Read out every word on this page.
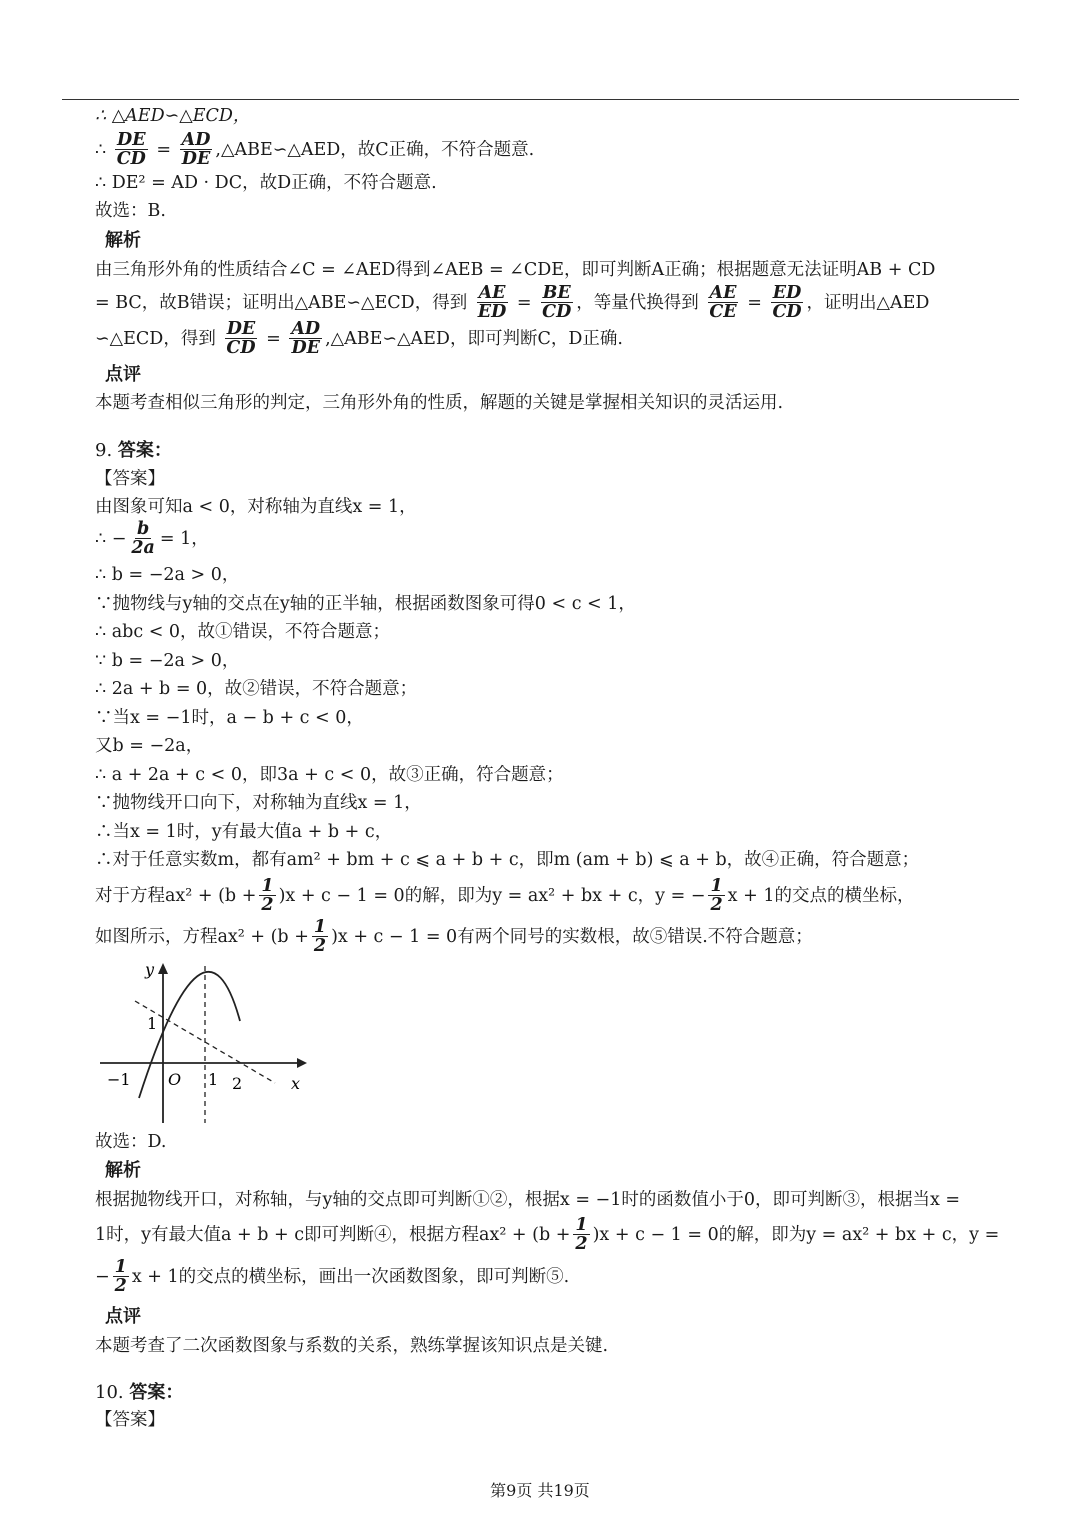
∴ △AED∽△ECD，
∴ $\frac{DE}{CD} = \frac{AD}{DE}$ ,△ABE∽△AED，故C正确，不符合题意.
∴ DE² = AD · DC，故D正确，不符合题意.
故选：B.
解析
由三角形外角的性质结合∠C = ∠AED得到∠AEB = ∠CDE，即可判断A正确；根据题意无法证明AB + CD
= BC，故B错误；证明出△ABE∽△ECD，得到 $\frac{AE}{ED} = \frac{BE}{CD}$ ，等量代换得到 $\frac{AE}{CE} = \frac{ED}{CD}$ ，证明出△AED
∽△ECD，得到 $\frac{DE}{CD} = \frac{AD}{DE}$ ,△ABE∽△AED，即可判断C，D正确.
点评
本题考查相似三角形的判定，三角形外角的性质，解题的关键是掌握相关知识的灵活运用.
9. 答案：
【答案】
由图象可知a < 0，对称轴为直线x = 1，
∴ − $\frac{b}{2a} = 1$，
∴ b = −2a > 0，
∵抛物线与y轴的交点在y轴的正半轴，根据函数图象可得0 < c < 1，
∴ abc < 0，故①错误，不符合题意；
∵ b = −2a > 0，
∴ 2a + b = 0，故②错误，不符合题意；
∵当x = −1时，a − b + c < 0，
又b = −2a，
∴ a + 2a + c < 0，即3a + c < 0，故③正确，符合题意；
∵抛物线开口向下，对称轴为直线x = 1，
∴当x = 1时，y有最大值a + b + c，
∴对于任意实数m，都有am² + bm + c ⩽ a + b + c，即m (am + b) ⩽ a + b，故④正确，符合题意；
对于方程$ax^2 + (b + \frac{1}{2} )x + c - 1 = 0$的解，即为y = ax² + bx + c，y = − $\frac{1}{2}$ x + 1的交点的横坐标，
如图所示，方程$ax^2 + (b + \frac{1}{2} )x + c - 1 = 0$有两个同号的实数根，故⑤错误.不符合题意；
y
x
1
O
−1	1 2
故选：D.
解析
根据抛物线开口，对称轴，与y轴的交点即可判断①②，根据x = −1时的函数值小于0，即可判断③，根据当x =
1时，y有最大值a + b + c即可判断④，根据方程$ax^2 + (b + \frac{1}{2} )x + c - 1 = 0$的解，即为y = ax² + bx + c，y =
− $\frac{1}{2}$ x + 1的交点的横坐标，画出一次函数图象，即可判断⑤.
点评
本题考查了二次函数图象与系数的关系，熟练掌握该知识点是关键.
10. 答案：
【答案】
第9页 共19页
